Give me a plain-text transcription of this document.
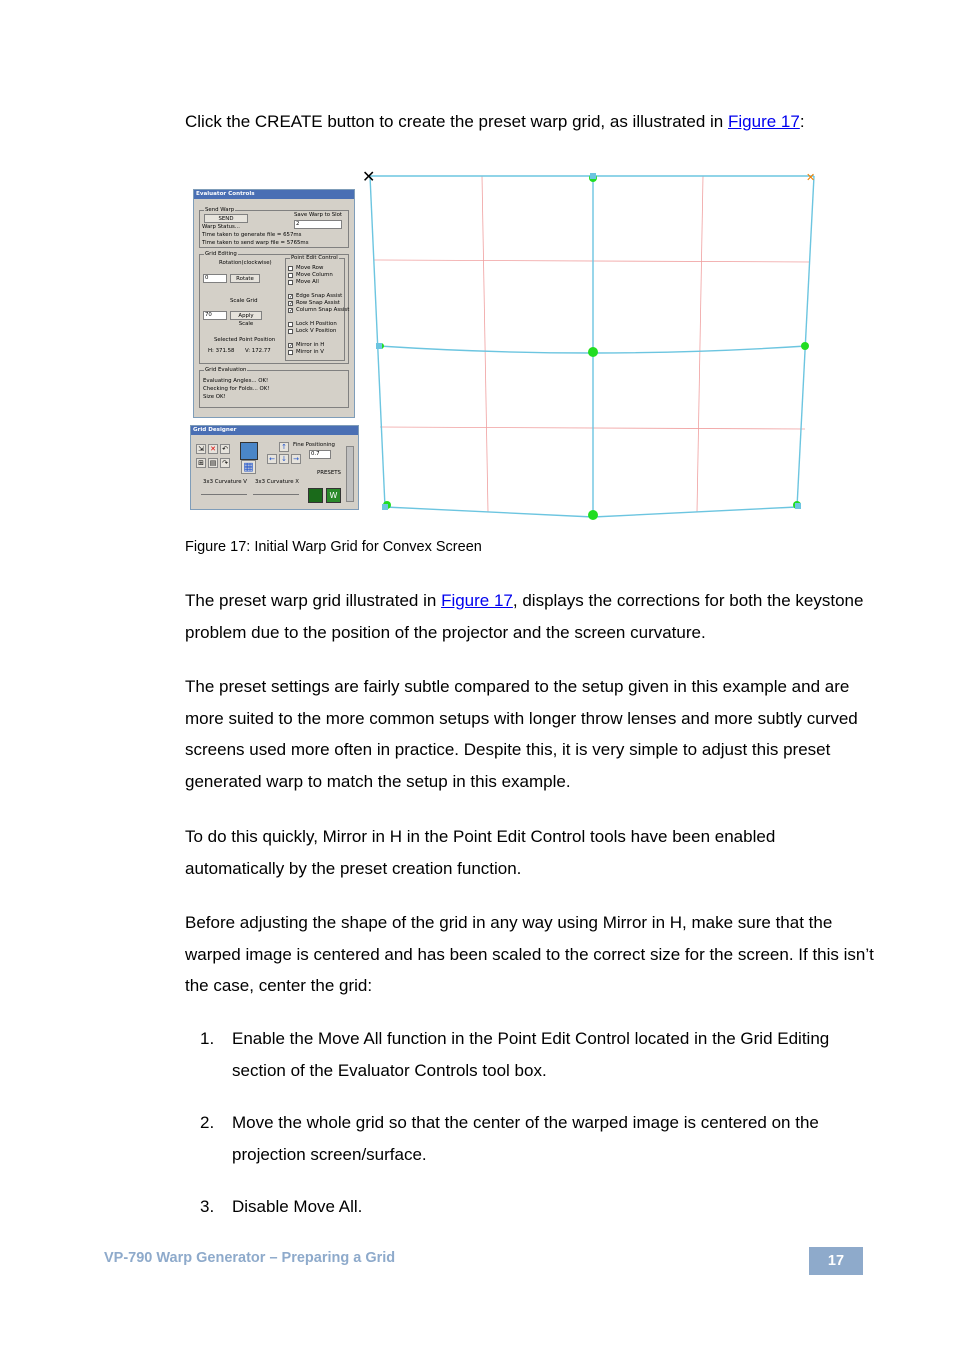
Click the CREATE button to create the preset warp grid, as illustrated in Figure 17:

Evaluator Controls
Send Warp
SEND
Save Warp to Slot
2
Warp Status...
Time taken to generate file = 657ms
Time taken to send warp file = 5765ms
Grid Editing
Rotation(clockwise)
0	Rotate
Scale Grid
70	Apply Scale
Selected Point Position
H: 371.58 V: 172.77
Point Edit Control
Grid Evaluation
Evaluating Angles... OK!
Checking for Folds... OK!
Size OK!
Move Row
Move Column
Move All
✓ Edge Snap Assist
✓ Row Snap Assist
✓ Column Snap Assist
Lock H Position
Lock V Position
✓ Mirror in H
Mirror in V
Grid Designer
⇲ ✕ ↶
⊞ ▤ ↷ ▦
↑
← ↓ →
Fine Positioning
0.7
PRESETS
3x3 Curvature V 3x3 Curvature X
W
✕	✕
Figure 17: Initial Warp Grid for Convex Screen

The preset warp grid illustrated in Figure 17, displays the corrections for both the keystone problem due to the position of the projector and the screen curvature.

The preset settings are fairly subtle compared to the setup given in this example and are more suited to the more common setups with longer throw lenses and more subtly curved screens used more often in practice. Despite this, it is very simple to adjust this preset generated warp to match the setup in this example.

To do this quickly, Mirror in H in the Point Edit Control tools have been enabled automatically by the preset creation function.

Before adjusting the shape of the grid in any way using Mirror in H, make sure that the warped image is centered and has been scaled to the correct size for the screen. If this isn’t the case, center the grid:

1. Enable the Move All function in the Point Edit Control located in the Grid Editing section of the Evaluator Controls tool box.
2. Move the whole grid so that the center of the warped image is centered on the projection screen/surface.
3. Disable Move All.
VP-790 Warp Generator – Preparing a Grid	17
